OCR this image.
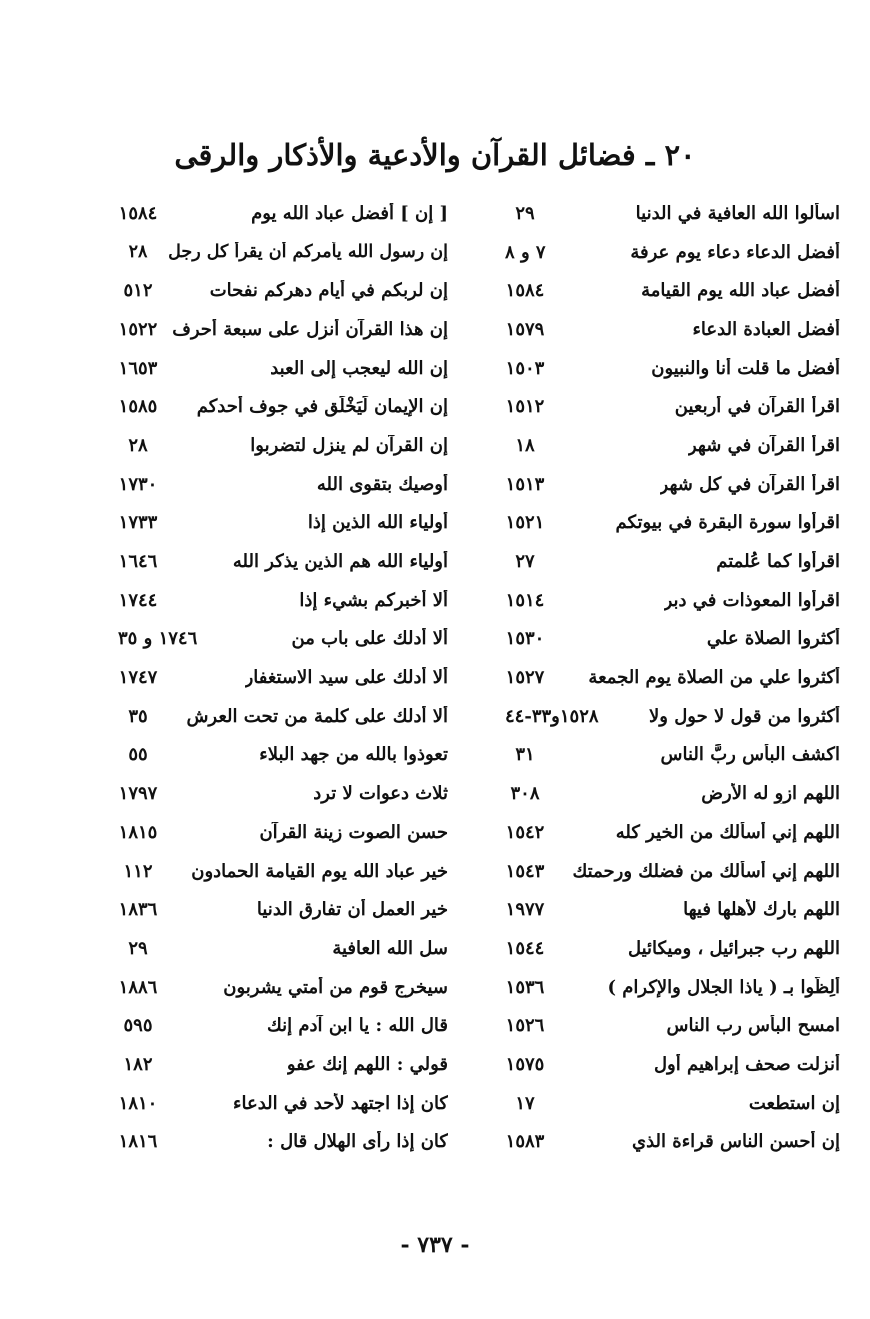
٢٠ ـ فضائل القرآن والأدعية والأذكار والرقى
اسألوا الله العافية في الدنيا
٢٩
أفضل الدعاء دعاء يوم عرفة
٧ و ٨
أفضل عباد الله يوم القيامة
١٥٨٤
أفضل العبادة الدعاء
١٥٧٩
أفضل ما قلت أنا والنبيون
١٥٠٣
اقرأ القرآن في أربعين
١٥١٢
اقرأ القرآن في شهر
١٨
اقرأ القرآن في كل شهر
١٥١٣
اقرأوا سورة البقرة في بيوتكم
١٥٢١
اقرأوا كما عُلمتم
٢٧
اقرأوا المعوذات في دبر
١٥١٤
أكثروا الصلاة علي
١٥٣٠
أكثروا علي من الصلاة يوم الجمعة
١٥٢٧
أكثروا من قول لا حول ولا
١٥٢٨و٣٣-٤٤
اكشف البأس ربَّ الناس
٣١
اللهم ازوِ له الأرض
٣٠٨
اللهم إني أسألك من الخير كله
١٥٤٢
اللهم إني أسألك من فضلك ورحمتك
١٥٤٣
اللهم بارك لأهلها فيها
١٩٧٧
اللهم رب جبرائيل ، وميكائيل
١٥٤٤
أَلِظُّوا بـ ( ياذا الجلال والإكرام )
١٥٣٦
امسح البأس رب الناس
١٥٢٦
أنزلت صحف إبراهيم أول
١٥٧٥
إن استطعت
١٧
إن أحسن الناس قراءة الذي
١٥٨٣
[ إن ] أفضل عباد الله يوم
١٥٨٤
إن رسول الله يأمركم أن يقرأ كل رجل
٢٨
إن لربكم في أيام دهركم نفحات
٥١٢
إن هذا القرآن أنزل على سبعة أحرف
١٥٢٢
إن الله ليعجب إلى العبد
١٦٥٣
إن الإيمان لَيَخْلَق في جوف أحدكم
١٥٨٥
إن القرآن لم ينزل لتضربوا
٢٨
أوصيك بتقوى الله
١٧٣٠
أولياء الله الذين إذا
١٧٣٣
أولياء الله هم الذين يذكر الله
١٦٤٦
ألا أخبركم بشيء إذا
١٧٤٤
ألا أدلك على باب من
١٧٤٦ و ٣٥
ألا أدلك على سيد الاستغفار
١٧٤٧
ألا أدلك على كلمة من تحت العرش
٣٥
تعوذوا بالله من جهد البلاء
٥٥
ثلاث دعوات لا ترد
١٧٩٧
حسن الصوت زينة القرآن
١٨١٥
خير عباد الله يوم القيامة الحمادون
١١٢
خير العمل أن تفارق الدنيا
١٨٣٦
سل الله العافية
٢٩
سيخرج قوم من أمتي يشربون
١٨٨٦
قال الله : يا ابن آدم إنك
٥٩٥
قولي : اللهم إنك عفو
١٨٢
كان إذا اجتهد لأحد في الدعاء
١٨١٠
كان إذا رأى الهلال قال :
١٨١٦
- ٧٣٧ -
